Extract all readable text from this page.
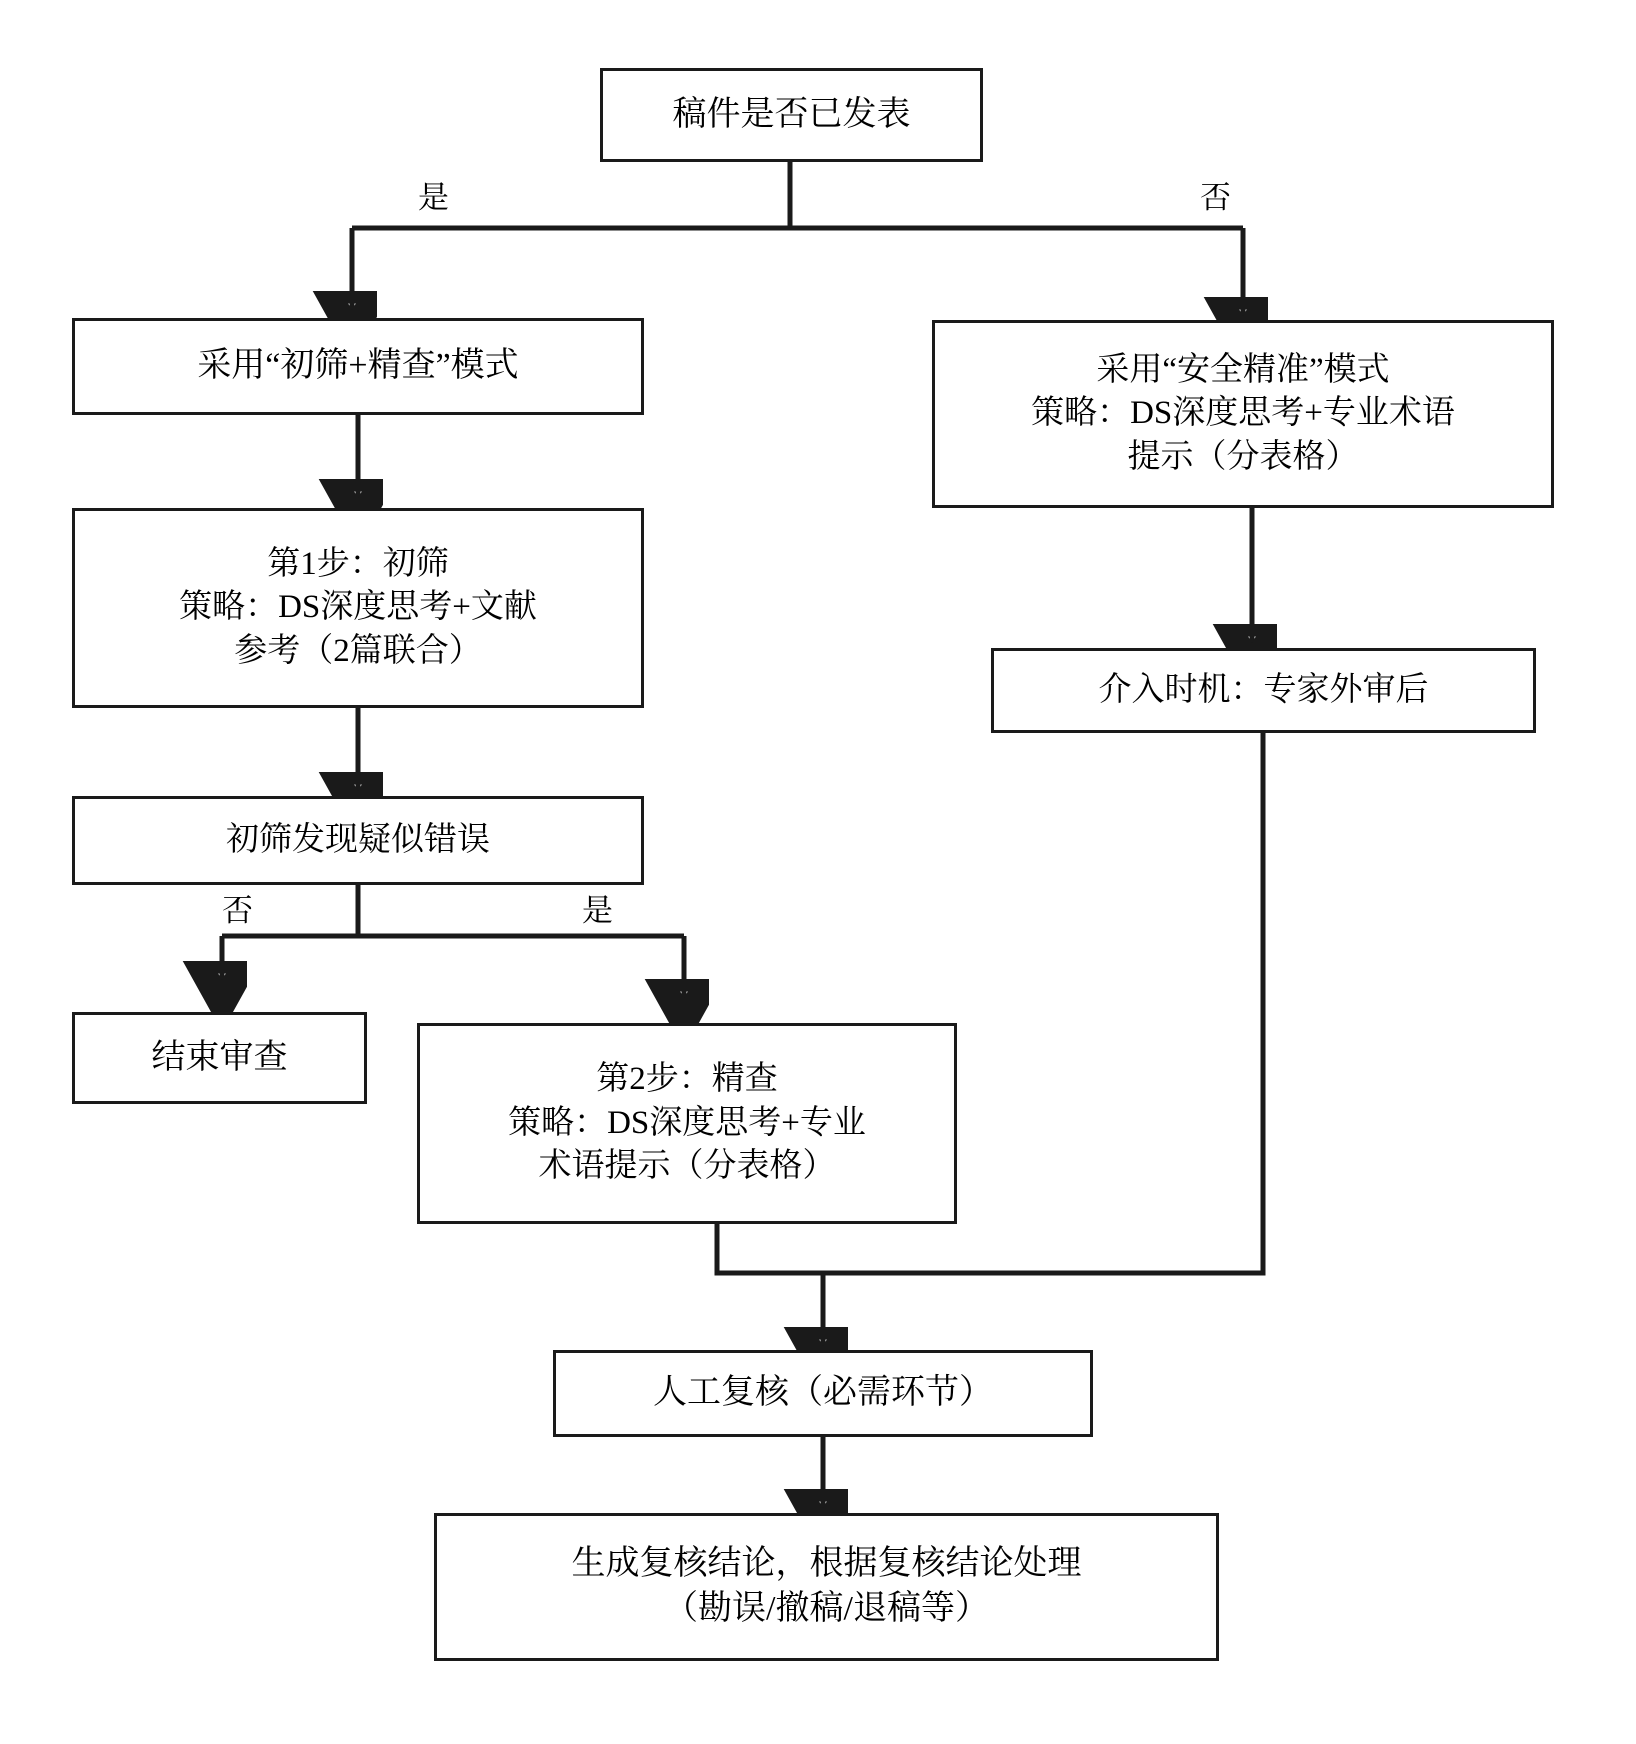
稿件是否已发表
是	否
采用“初筛+精查”模式	采用“安全精准”模式
策略：DS深度思考+专业术语
提示（分表格）
第1步：初筛
策略：DS深度思考+文献
参考（2篇联合）
介入时机：专家外审后
初筛发现疑似错误
否	是
结束审查
第2步：精查
策略：DS深度思考+专业
术语提示（分表格）
人工复核（必需环节）
生成复核结论，根据复核结论处理
（勘误/撤稿/退稿等）
